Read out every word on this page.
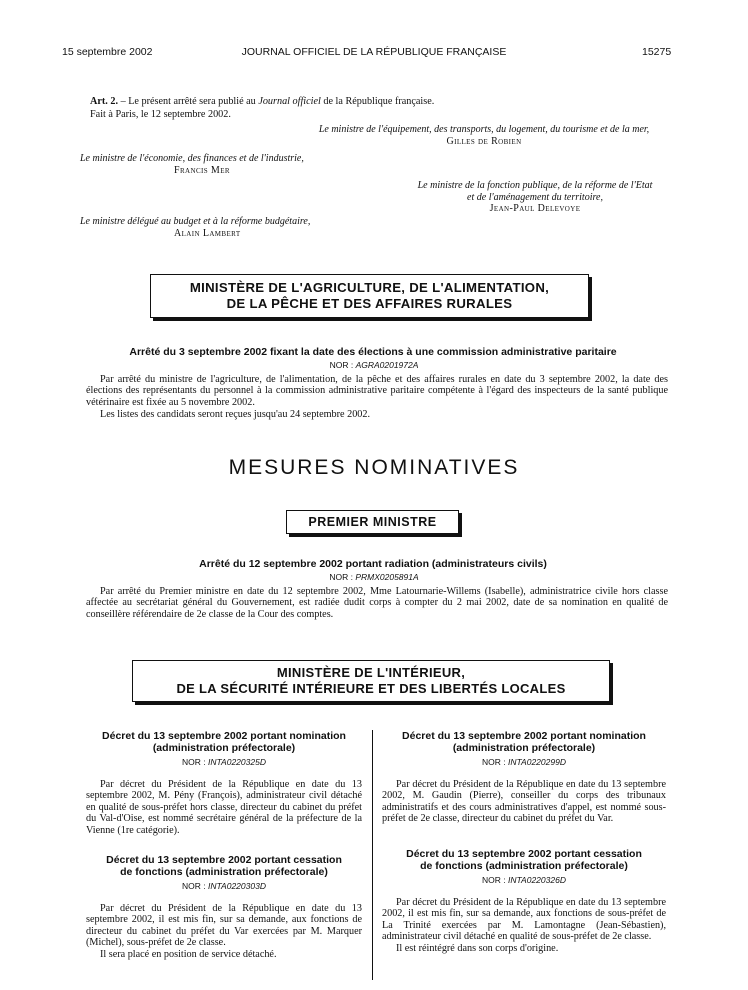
15 septembre 2002	JOURNAL OFFICIEL DE LA RÉPUBLIQUE FRANÇAISE	15275
Art. 2. – Le présent arrêté sera publié au Journal officiel de la République française.
Fait à Paris, le 12 septembre 2002.
Le ministre de l'équipement, des transports, du logement, du tourisme et de la mer,
Gilles de Robien
Le ministre de l'économie, des finances et de l'industrie,
Francis Mer
Le ministre de la fonction publique, de la réforme de l'Etat
et de l'aménagement du territoire,
Jean-Paul Delevoye
Le ministre délégué au budget et à la réforme budgétaire,
Alain Lambert
MINISTÈRE DE L'AGRICULTURE, DE L'ALIMENTATION,
DE LA PÊCHE ET DES AFFAIRES RURALES
Arrêté du 3 septembre 2002 fixant la date des élections à une commission administrative paritaire
NOR : AGRA0201972A
Par arrêté du ministre de l'agriculture, de l'alimentation, de la pêche et des affaires rurales en date du 3 septembre 2002, la date des élections des représentants du personnel à la commission administrative paritaire compétente à l'égard des inspecteurs de la santé publique vétérinaire est fixée au 5 novembre 2002.
Les listes des candidats seront reçues jusqu'au 24 septembre 2002.
MESURES NOMINATIVES
PREMIER MINISTRE
Arrêté du 12 septembre 2002 portant radiation (administrateurs civils)
NOR : PRMX0205891A
Par arrêté du Premier ministre en date du 12 septembre 2002, Mme Latournarie-Willems (Isabelle), administratrice civile hors classe affectée au secrétariat général du Gouvernement, est radiée dudit corps à compter du 2 mai 2002, date de sa nomination en qualité de conseillère référendaire de 2e classe de la Cour des comptes.
MINISTÈRE DE L'INTÉRIEUR,
DE LA SÉCURITÉ INTÉRIEURE ET DES LIBERTÉS LOCALES
Décret du 13 septembre 2002 portant nomination
(administration préfectorale)
NOR : INTA0220325D
Par décret du Président de la République en date du 13 septembre 2002, M. Pény (François), administrateur civil détaché en qualité de sous-préfet hors classe, directeur du cabinet du préfet du Val-d'Oise, est nommé secrétaire général de la préfecture de la Vienne (1re catégorie).
Décret du 13 septembre 2002 portant cessation
de fonctions (administration préfectorale)
NOR : INTA0220303D
Par décret du Président de la République en date du 13 septembre 2002, il est mis fin, sur sa demande, aux fonctions de directeur du cabinet du préfet du Var exercées par M. Marquer (Michel), sous-préfet de 2e classe.
Il sera placé en position de service détaché.
Décret du 13 septembre 2002 portant nomination
(administration préfectorale)
NOR : INTA0220299D
Par décret du Président de la République en date du 13 septembre 2002, M. Gaudin (Pierre), conseiller du corps des tribunaux administratifs et des cours administratives d'appel, est nommé sous-préfet de 2e classe, directeur du cabinet du préfet du Var.
Décret du 13 septembre 2002 portant cessation
de fonctions (administration préfectorale)
NOR : INTA0220326D
Par décret du Président de la République en date du 13 septembre 2002, il est mis fin, sur sa demande, aux fonctions de sous-préfet de La Trinité exercées par M. Lamontagne (Jean-Sébastien), administrateur civil détaché en qualité de sous-préfet de 2e classe.
Il est réintégré dans son corps d'origine.
